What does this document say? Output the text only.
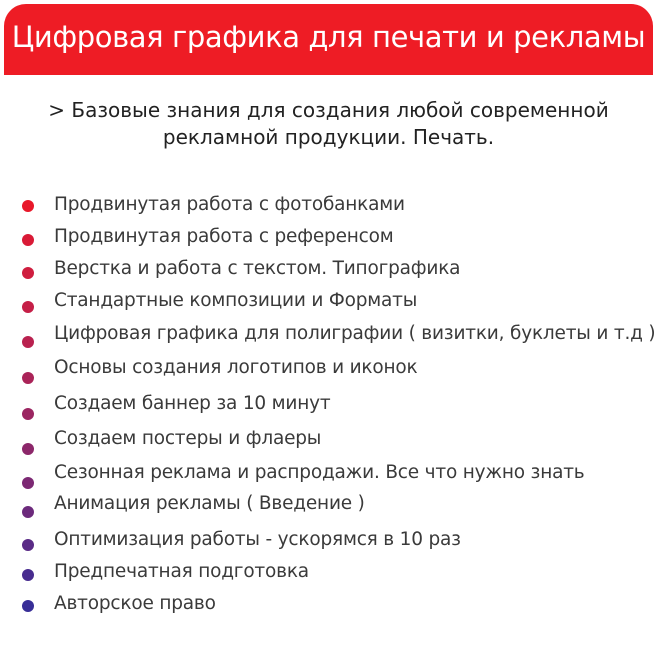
Цифровая графика для печати и рекламы
> Базовые знания для создания любой современной
рекламной продукции. Печать.
Продвинутая работа с фотобанками
Продвинутая работа с референсом
Верстка и работа с текстом. Типографика
Стандартные композиции и Форматы
Цифровая графика для полиграфии ( визитки, буклеты и т.д )
Основы создания логотипов и иконок
Создаем баннер за 10 минут
Создаем постеры и флаеры
Сезонная реклама и распродажи. Все что нужно знать
Анимация рекламы ( Введение )
Оптимизация работы - ускорямся в 10 раз
Предпечатная подготовка
Авторское право
